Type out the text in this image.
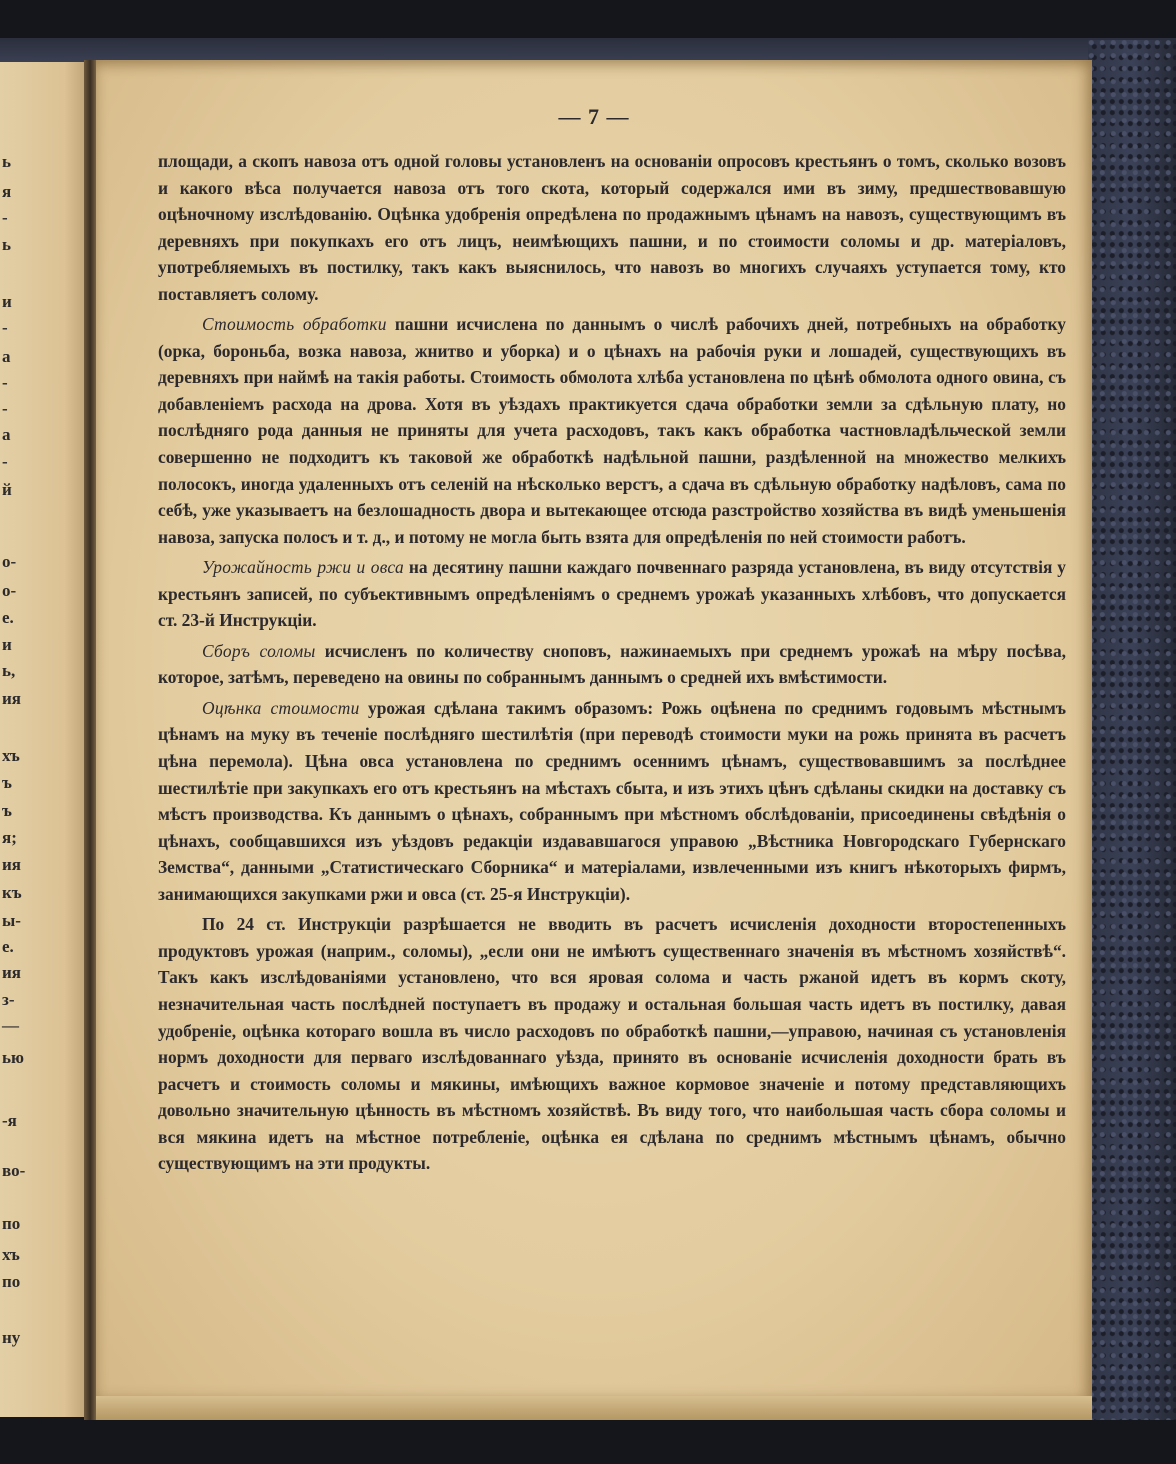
ь
я
-
ь
и
-
а
-
-
а
-
й
о-
о-
е.
и
ь,
ия
хъ
ъ
ъ
я;
ия
къ
ы-
е.
ия
з-
—
ью
-я
во-
по
хъ
по
ну
— 7 —

площади, а скопъ навоза отъ одной головы установленъ на основаніи опросовъ крестьянъ о томъ, сколько возовъ и какого вѣса получается навоза отъ того скота, который содержался ими въ зиму, предшествовавшую оцѣночному изслѣдованію. Оцѣнка удобренія опредѣлена по продажнымъ цѣнамъ на навозъ, существующимъ въ деревняхъ при покупкахъ его отъ лицъ, неимѣющихъ пашни, и по стоимости соломы и др. матеріаловъ, употребляемыхъ въ постилку, такъ какъ выяснилось, что навозъ во многихъ случаяхъ уступается тому, кто поставляетъ солому.

Стоимость обработки пашни исчислена по даннымъ о числѣ рабочихъ дней, потребныхъ на обработку (орка, бороньба, возка навоза, жнитво и уборка) и о цѣнахъ на рабочія руки и лошадей, существующихъ въ деревняхъ при наймѣ на такія работы. Стоимость обмолота хлѣба установлена по цѣнѣ обмолота одного овина, съ добавленіемъ расхода на дрова. Хотя въ уѣздахъ практикуется сдача обработки земли за сдѣльную плату, но послѣдняго рода данныя не приняты для учета расходовъ, такъ какъ обработка частновладѣльческой земли совершенно не подходитъ къ таковой же обработкѣ надѣльной пашни, раздѣленной на множество мелкихъ полосокъ, иногда удаленныхъ отъ селеній на нѣсколько верстъ, а сдача въ сдѣльную обработку надѣловъ, сама по себѣ, уже указываетъ на безлошадность двора и вытекающее отсюда разстройство хозяйства въ видѣ уменьшенія навоза, запуска полосъ и т. д., и потому не могла быть взята для опредѣленія по ней стоимости работъ.

Урожайность ржи и овса на десятину пашни каждаго почвеннаго разряда установлена, въ виду отсутствія у крестьянъ записей, по субъективнымъ опредѣленіямъ о среднемъ урожаѣ указанныхъ хлѣбовъ, что допускается ст. 23-й Инструкціи.

Сборъ соломы исчисленъ по количеству сноповъ, нажинаемыхъ при среднемъ урожаѣ на мѣру посѣва, которое, затѣмъ, переведено на овины по собраннымъ даннымъ о средней ихъ вмѣстимости.

Оцѣнка стоимости урожая сдѣлана такимъ образомъ: Рожь оцѣнена по среднимъ годовымъ мѣстнымъ цѣнамъ на муку въ теченіе послѣдняго шестилѣтія (при переводѣ стоимости муки на рожь принята въ расчетъ цѣна перемола). Цѣна овса установлена по среднимъ осеннимъ цѣнамъ, существовавшимъ за послѣднее шестилѣтіе при закупкахъ его отъ крестьянъ на мѣстахъ сбыта, и изъ этихъ цѣнъ сдѣланы скидки на доставку съ мѣстъ производства. Къ даннымъ о цѣнахъ, собраннымъ при мѣстномъ обслѣдованіи, присоединены свѣдѣнія о цѣнахъ, сообщавшихся изъ уѣздовъ редакціи издававшагося управою „Вѣстника Новгородскаго Губернскаго Земства“, данными „Статистическаго Сборника“ и матеріалами, извлеченными изъ книгъ нѣкоторыхъ фирмъ, занимающихся закупками ржи и овса (ст. 25-я Инструкціи).

По 24 ст. Инструкціи разрѣшается не вводить въ расчетъ исчисленія доходности второстепенныхъ продуктовъ урожая (наприм., соломы), „если они не имѣютъ существеннаго значенія въ мѣстномъ хозяйствѣ“. Такъ какъ изслѣдованіями установлено, что вся яровая солома и часть ржаной идетъ въ кормъ скоту, незначительная часть послѣдней поступаетъ въ продажу и остальная большая часть идетъ въ постилку, давая удобреніе, оцѣнка котораго вошла въ число расходовъ по обработкѣ пашни,—управою, начиная съ установленія нормъ доходности для перваго изслѣдованнаго уѣзда, принято въ основаніе исчисленія доходности брать въ расчетъ и стоимость соломы и мякины, имѣющихъ важное кормовое значеніе и потому представляющихъ довольно значительную цѣнность въ мѣстномъ хозяйствѣ. Въ виду того, что наибольшая часть сбора соломы и вся мякина идетъ на мѣстное потребленіе, оцѣнка ея сдѣлана по среднимъ мѣстнымъ цѣнамъ, обычно существующимъ на эти продукты.
